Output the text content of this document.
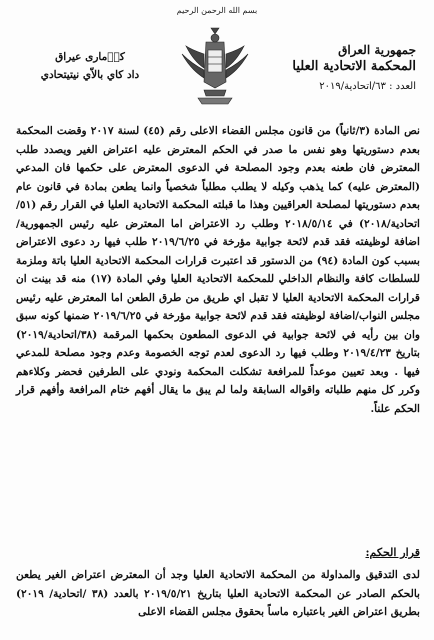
بسم الله الرحمن الرحيم
جمهورية العراق
المحكمة الاتحادية العليا
العدد : ٦٣/اتحادية/٢٠١٩
كو٘مارى عيراق
داد كاي بالاّي نيتيتحادي

نص المادة (٣/ثانياً) من قانون مجلس القضاء الاعلى رقم (٤٥) لسنة ٢٠١٧ وقضت المحكمة بعدم دستوريتها وهو نفس ما صدر في الحكم المعترض عليه اعتراض الغير ويصدد طلب المعترض فان طعنه بعدم وجود المصلحة في الدعوى المعترض على حكمها فان المدعي (المعترض عليه) كما يذهب وكيله لا يطلب مطلباً شخصياً وانما يطعن بمادة في قانون عام بعدم دستوريتها لمصلحة العراقيين وهذا ما قبلته المحكمة الاتحادية العليا في القرار رقم (٥١/اتحادية/٢٠١٨) في ٢٠١٨/٥/١٤ وطلب رد الاعتراض اما المعترض عليه رئيس الجمهورية/اضافة لوظيفته فقد قدم لائحة جوابية مؤرخة في ٢٠١٩/٦/٢٥ طلب فيها رد دعوى الاعتراض بسبب كون المادة (٩٤) من الدستور قد اعتبرت قرارات المحكمة الاتحادية العليا باتة وملزمة للسلطات كافة والنظام الداخلي للمحكمة الاتحادية العليا وفي المادة (١٧) منه قد بينت ان قرارات المحكمة الاتحادية العليا لا تقبل اي طريق من طرق الطعن اما المعترض عليه رئيس مجلس النواب/اضافة لوظيفته فقد قدم لائحة جوابية مؤرخة في ٢٠١٩/٦/٢٥ ضمنها كونه سبق وان بين رأيه في لائحة جوابية في الدعوى المطعون بحكمها المرقمة (٣٨/اتحادية/٢٠١٩) بتاريخ ٢٠١٩/٤/٢٣ وطلب فيها رد الدعوى لعدم توجه الخصومة وعدم وجود مصلحة للمدعي فيها . وبعد تعيين موعداً للمرافعة تشكلت المحكمة ونودي على الطرفين فحضر وكلاءهم وكرر كل منهم طلباته واقواله السابقة ولما لم يبق ما يقال أفهم ختام المرافعة وأفهم قرار الحكم علناً.

قرار الحكم:

لدى التدقيق والمداولة من المحكمة الاتحادية العليا وجد أن المعترض اعتراض الغير يطعن بالحكم الصادر عن المحكمة الاتحادية العليا بتاريخ ٢٠١٩/٥/٢١ بالعدد (٣٨ /اتحادية/ ٢٠١٩) بطريق اعتراض الغير باعتباره ماساً بحقوق مجلس القضاء الاعلى
